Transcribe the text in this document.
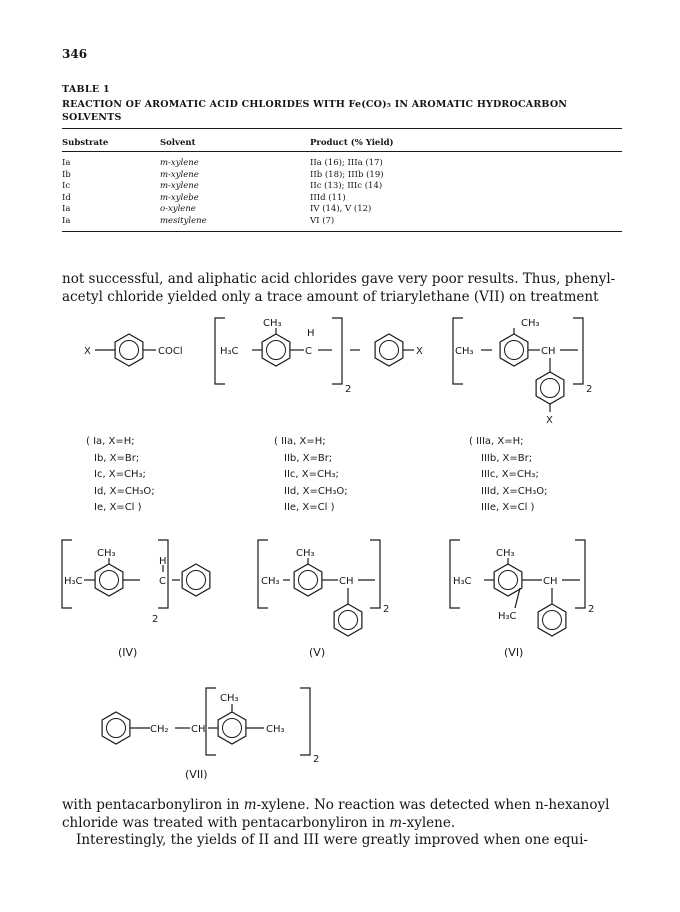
346
TABLE 1
REACTION OF AROMATIC ACID CHLORIDES WITH Fe(CO)₅ IN AROMATIC HYDROCARBON SOLVENTS
Substrate	Solvent	Product (% Yield)

Ia	m-xylene	IIa (16); IIIa (17)
Ib	m-xylene	IIb (18); IIIb (19)
Ic	m-xylene	IIc (13); IIIc (14)
Id	m-xylebe	IIId (11)
Ia	o-xylene	IV (14), V (12)
Ia	mesitylene	VI (7)
not successful, and aliphatic acid chlorides gave very poor results. Thus, phenyl-acetyl chloride yielded only a trace amount of triarylethane (VII) on treatment
X	COCl
( Ia, X=H;
Ib, X=Br;
Ic, X=CH₃;
Id, X=CH₃O;
Ie, X=Cl )
CH₃
H₃C
H
C	X
2
( IIa, X=H;
IIb, X=Br;
IIc, X=CH₃;
IId, X=CH₃O;
IIe, X=Cl )
CH₃
CH₃	CH
X
2
( IIIa, X=H;
IIIb, X=Br;
IIIc, X=CH₃;
IIId, X=CH₃O;
IIIe, X=Cl )
CH₃
H₃C
H
C
2
(IV)
CH₃
CH₃	CH
2
(V)
CH₃
H₃C
H₃C
CH
2
(VI)
CH₂ CH
CH₃
CH₃
2
(VII)
with pentacarbonyliron in m-xylene. No reaction was detected when n-hexanoyl chloride was treated with pentacarbonyliron in m-xylene.
Interestingly, the yields of II and III were greatly improved when one equi-
